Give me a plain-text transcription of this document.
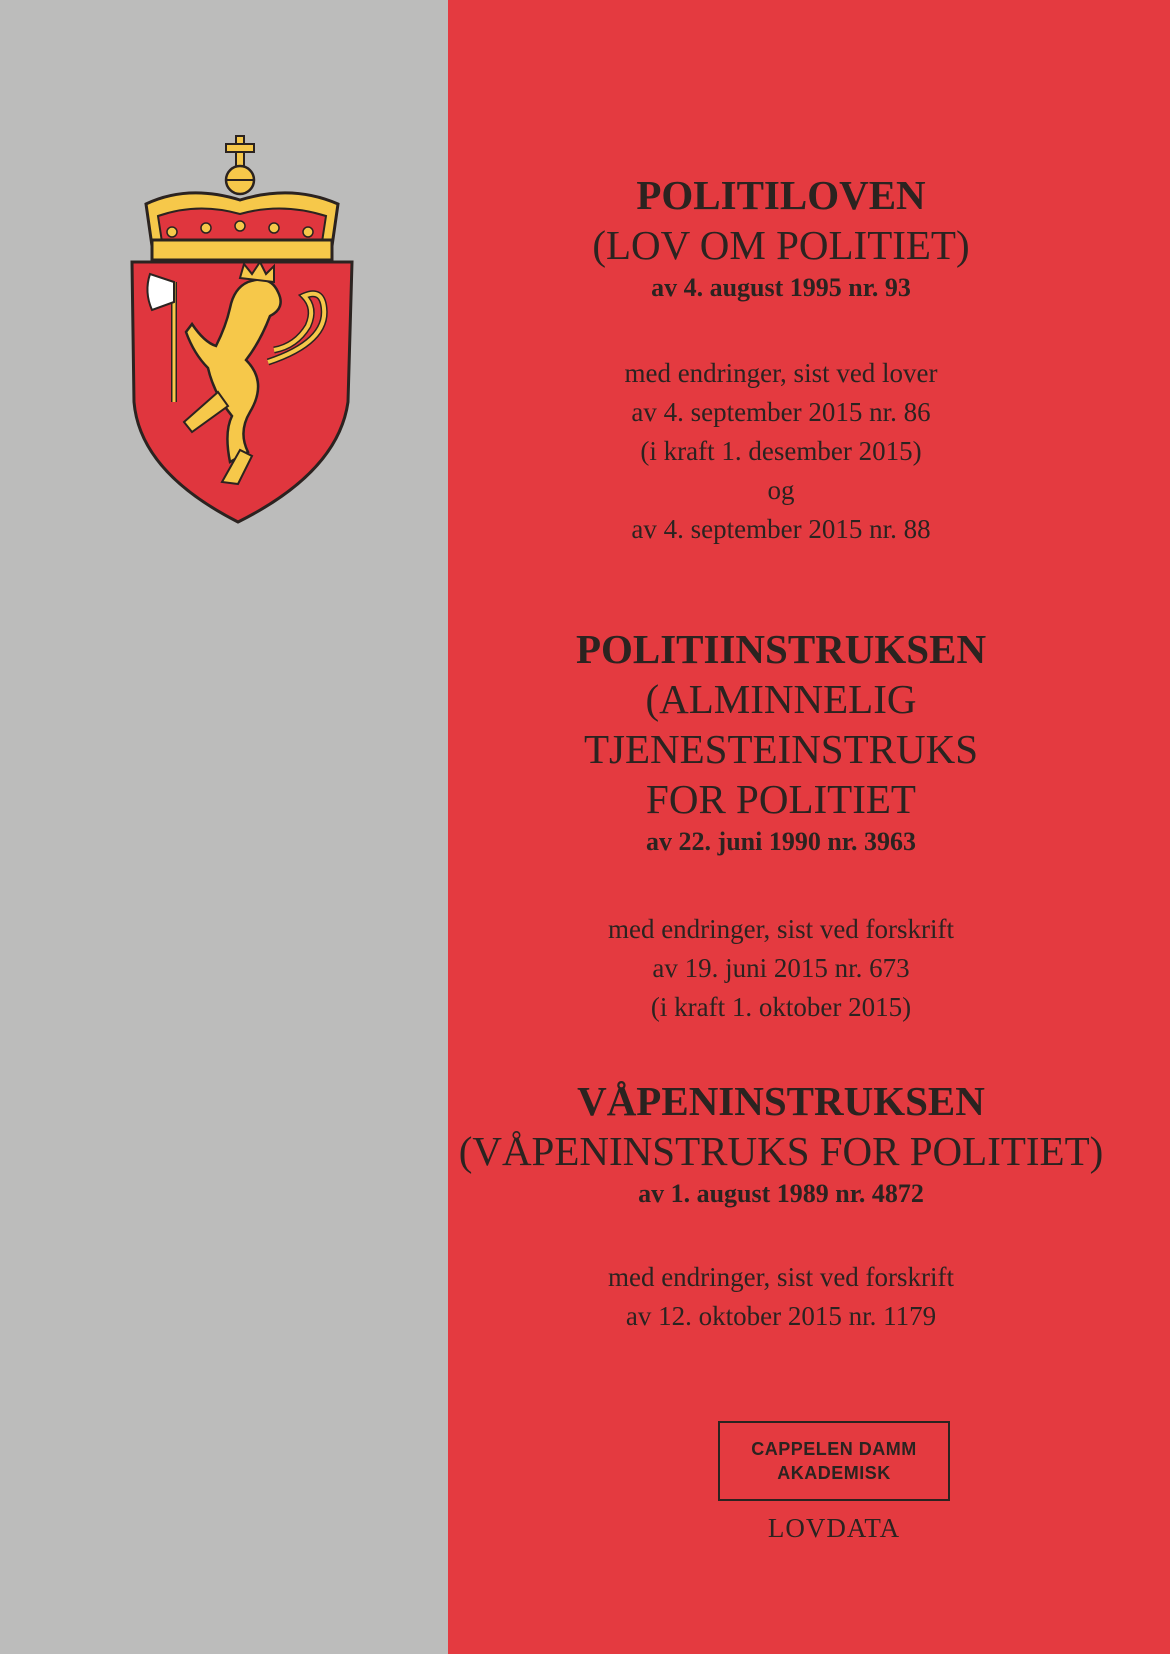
POLITILOVEN
(LOV OM POLITIET)
av 4. august 1995 nr. 93
med endringer, sist ved lover
av 4. september 2015 nr. 86
(i kraft 1. desember 2015)
og
av 4. september 2015 nr. 88
POLITIINSTRUKSEN
(ALMINNELIG
TJENESTEINSTRUKS
FOR POLITIET
av 22. juni 1990 nr. 3963
med endringer, sist ved forskrift
av 19. juni 2015 nr. 673
(i kraft 1. oktober 2015)
VÅPENINSTRUKSEN
(VÅPENINSTRUKS FOR POLITIET)
av 1. august 1989 nr. 4872
med endringer, sist ved forskrift
av 12. oktober 2015 nr. 1179
CAPPELEN DAMM
AKADEMISK
LOVDATA
